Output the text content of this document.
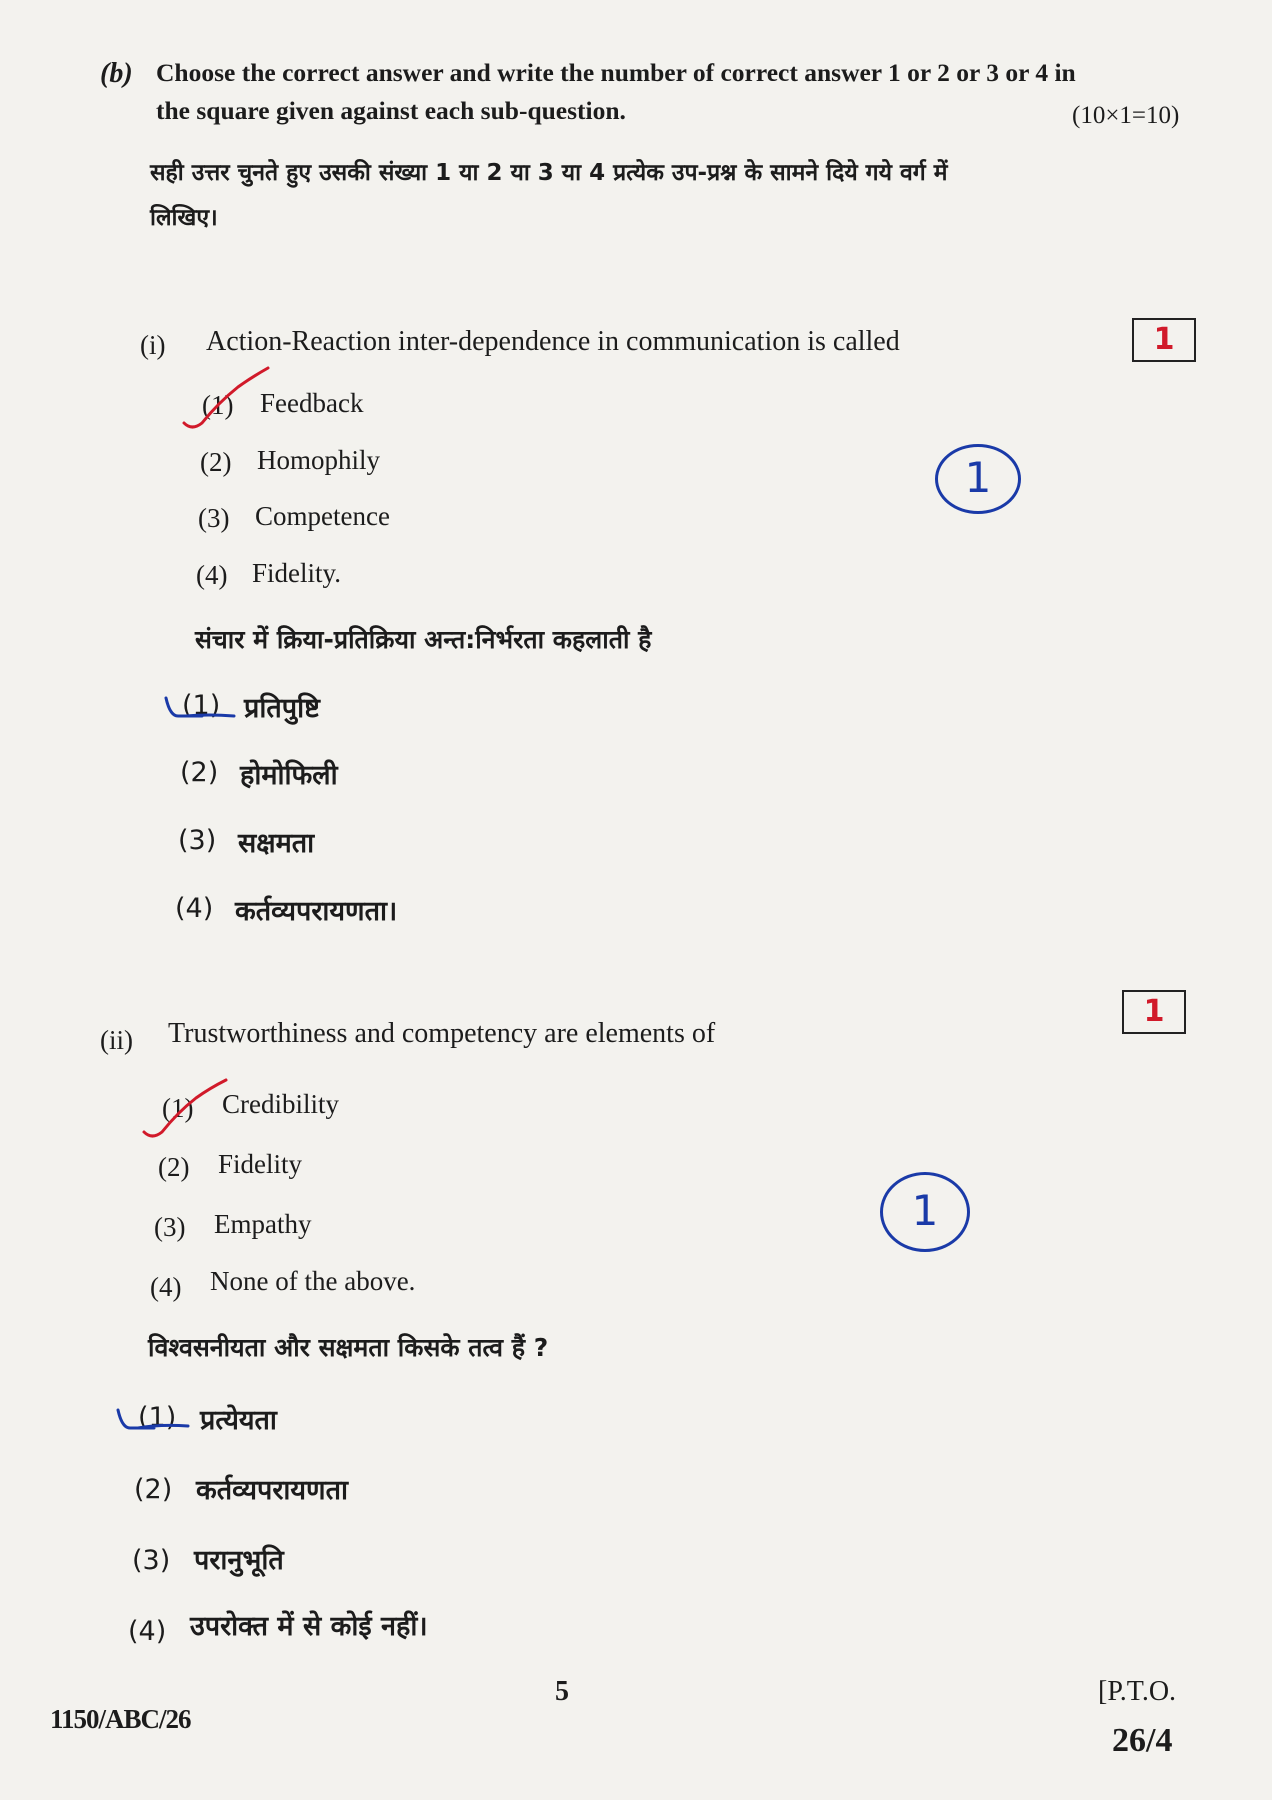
(b) Choose the correct answer and write the number of correct answer 1 or 2 or 3 or 4 in
the square given against each sub-question.	(10×1=10)
सही उत्तर चुनते हुए उसकी संख्या 1 या 2 या 3 या 4 प्रत्येक उप-प्रश्न के सामने दिये गये वर्ग में
लिखिए।
(i) Action-Reaction inter-dependence in communication is called	1
(1) Feedback
(2) Homophily
(3) Competence
(4) Fidelity.
1
संचार में क्रिया-प्रतिक्रिया अन्त:निर्भरता कहलाती है
(1) प्रतिपुष्टि
(2) होमोफिली
(3) सक्षमता
(4) कर्तव्यपरायणता।
(ii) Trustworthiness and competency are elements of
1
(1) Credibility
(2) Fidelity
(3) Empathy
(4) None of the above.
1
विश्वसनीयता और सक्षमता किसके तत्व हैं ?
(1) प्रत्येयता
(2) कर्तव्यपरायणता
(3) परानुभूति
(4) उपरोक्त में से कोई नहीं।
5
1150/ABC/26
[P.T.O.
26/4
